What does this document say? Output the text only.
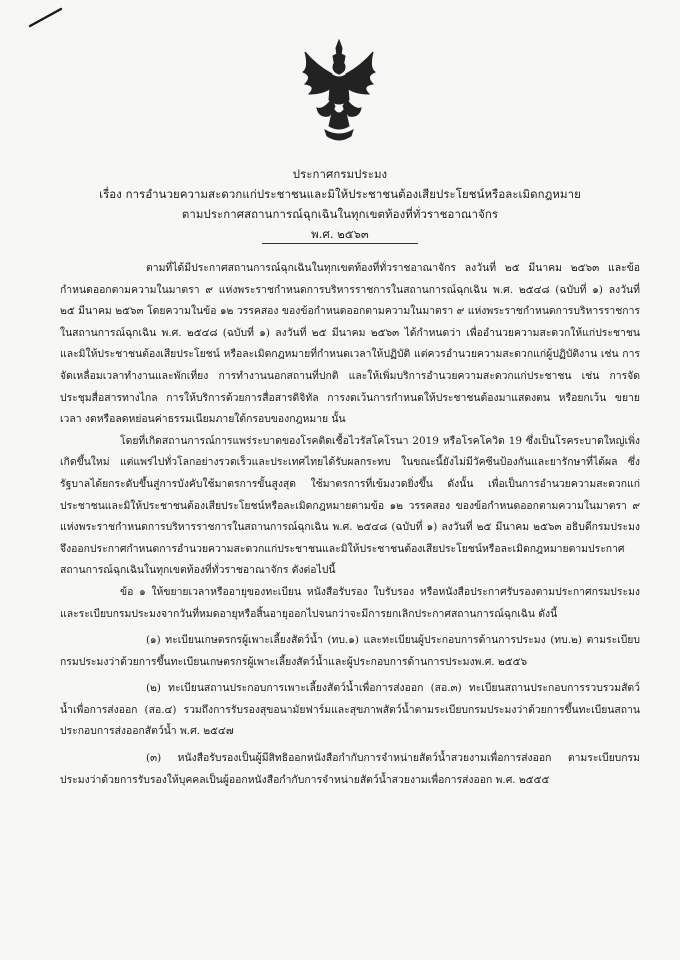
ประกาศกรมประมง
เรื่อง การอำนวยความสะดวกแก่ประชาชนและมิให้ประชาชนต้องเสียประโยชน์หรือละเมิดกฎหมาย
ตามประกาศสถานการณ์ฉุกเฉินในทุกเขตท้องที่ทั่วราชอาณาจักร
พ.ศ. ๒๕๖๓

ตามที่ได้มีประกาศสถานการณ์ฉุกเฉินในทุกเขตท้องที่ทั่วราชอาณาจักร ลงวันที่ ๒๕ มีนาคม ๒๕๖๓ และข้อกำหนดออกตามความในมาตรา ๙ แห่งพระราชกำหนดการบริหารราชการในสถานการณ์ฉุกเฉิน พ.ศ. ๒๕๔๘ (ฉบับที่ ๑) ลงวันที่ ๒๕ มีนาคม ๒๕๖๓ โดยความในข้อ ๑๒ วรรคสอง ของข้อกำหนดออกตามความในมาตรา ๙ แห่งพระราชกำหนดการบริหารราชการในสถานการณ์ฉุกเฉิน พ.ศ. ๒๕๔๘ (ฉบับที่ ๑) ลงวันที่ ๒๕ มีนาคม ๒๕๖๓ ได้กำหนดว่า เพื่ออำนวยความสะดวกให้แก่ประชาชน และมิให้ประชาชนต้องเสียประโยชน์ หรือละเมิดกฎหมายที่กำหนดเวลาให้ปฏิบัติ แต่ควรอำนวยความสะดวกแก่ผู้ปฏิบัติงาน เช่น การจัดเหลื่อมเวลาทำงานและพักเที่ยง การทำงานนอกสถานที่ปกติ และให้เพิ่มบริการอำนวยความสะดวกแก่ประชาชน เช่น การจัดประชุมสื่อสารทางไกล การให้บริการด้วยการสื่อสารดิจิทัล การงดเว้นการกำหนดให้ประชาชนต้องมาแสดงตน หรือยกเว้น ขยายเวลา งดหรือลดหย่อนค่าธรรมเนียมภายใต้กรอบของกฎหมาย นั้น

โดยที่เกิดสถานการณ์การแพร่ระบาดของโรคติดเชื้อไวรัสโคโรนา 2019 หรือโรคโควิด 19 ซึ่งเป็นโรคระบาดใหญ่เพิ่งเกิดขึ้นใหม่ แต่แพร่ไปทั่วโลกอย่างรวดเร็วและประเทศไทยได้รับผลกระทบ ในขณะนี้ยังไม่มีวัคซีนป้องกันและยารักษาที่ได้ผล ซึ่งรัฐบาลได้ยกระดับขึ้นสู่การบังคับใช้มาตรการขั้นสูงสุด ใช้มาตรการที่เข้มงวดยิ่งขึ้น ดังนั้น เพื่อเป็นการอำนวยความสะดวกแก่ประชาชนและมิให้ประชาชนต้องเสียประโยชน์หรือละเมิดกฎหมายตามข้อ ๑๒ วรรคสอง ของข้อกำหนดออกตามความในมาตรา ๙ แห่งพระราชกำหนดการบริหารราชการในสถานการณ์ฉุกเฉิน พ.ศ. ๒๕๔๘ (ฉบับที่ ๑) ลงวันที่ ๒๕ มีนาคม ๒๕๖๓ อธิบดีกรมประมงจึงออกประกาศกำหนดการอำนวยความสะดวกแก่ประชาชนและมิให้ประชาชนต้องเสียประโยชน์หรือละเมิดกฎหมายตามประกาศสถานการณ์ฉุกเฉินในทุกเขตท้องที่ทั่วราชอาณาจักร ดังต่อไปนี้

ข้อ ๑ ให้ขยายเวลาหรืออายุของทะเบียน หนังสือรับรอง ใบรับรอง หรือหนังสือประกาศรับรองตามประกาศกรมประมงและระเบียบกรมประมงจากวันที่หมดอายุหรือสิ้นอายุออกไปจนกว่าจะมีการยกเลิกประกาศสถานการณ์ฉุกเฉิน ดังนี้

(๑) ทะเบียนเกษตรกรผู้เพาะเลี้ยงสัตว์น้ำ (ทบ.๑) และทะเบียนผู้ประกอบการด้านการประมง (ทบ.๒) ตามระเบียบกรมประมงว่าด้วยการขึ้นทะเบียนเกษตรกรผู้เพาะเลี้ยงสัตว์น้ำและผู้ประกอบการด้านการประมงพ.ศ. ๒๕๕๖

(๒) ทะเบียนสถานประกอบการเพาะเลี้ยงสัตว์น้ำเพื่อการส่งออก (สอ.๓) ทะเบียนสถานประกอบการรวบรวมสัตว์น้ำเพื่อการส่งออก (สอ.๔) รวมถึงการรับรองสุขอนามัยฟาร์มและสุขภาพสัตว์น้ำตามระเบียบกรมประมงว่าด้วยการขึ้นทะเบียนสถานประกอบการส่งออกสัตว์น้ำ พ.ศ. ๒๕๔๗

(๓) หนังสือรับรองเป็นผู้มีสิทธิออกหนังสือกำกับการจำหน่ายสัตว์น้ำสวยงามเพื่อการส่งออก ตามระเบียบกรมประมงว่าด้วยการรับรองให้บุคคลเป็นผู้ออกหนังสือกำกับการจำหน่ายสัตว์น้ำสวยงามเพื่อการส่งออก พ.ศ. ๒๕๕๕
